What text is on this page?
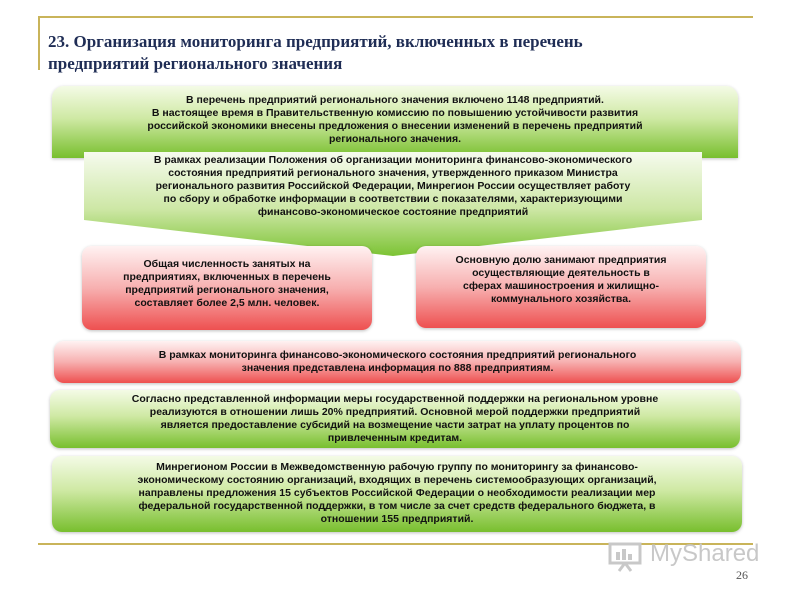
23. Организация мониторинга предприятий, включенных в перечень
предприятий регионального значения

В перечень предприятий регионального значения включено 1148 предприятий.

В настоящее время в Правительственную комиссию по повышению устойчивости развития

российской экономики внесены предложения о внесении изменений в перечень предприятий

регионального значения.

В рамках реализации Положения об организации мониторинга финансово-экономического

состояния предприятий регионального значения, утвержденного приказом Министра

регионального развития Российской Федерации, Минрегион России осуществляет работу

по сбору и обработке информации в соответствии с показателями, характеризующими

финансово-экономическое состояние предприятий

Общая численность занятых на

предприятиях, включенных в перечень

предприятий регионального значения,

составляет более 2,5 млн. человек.

Основную долю занимают предприятия

осуществляющие деятельность в

сферах машиностроения и жилищно-

коммунального хозяйства.

В рамках мониторинга финансово-экономического состояния предприятий регионального

значения представлена информация по 888 предприятиям.

Согласно представленной информации меры государственной поддержки на региональном уровне

реализуются в отношении лишь 20% предприятий. Основной мерой поддержки предприятий

является предоставление субсидий на возмещение части затрат на уплату процентов по

привлеченным кредитам.

Минрегионом России в Межведомственную рабочую группу по мониторингу за финансово-

экономическому состоянию организаций, входящих в перечень системообразующих организаций,

направлены предложения 15 субъектов Российской Федерации о необходимости реализации мер

федеральной государственной поддержки, в том числе за счет средств федерального бюджета, в

отношении 155 предприятий.

MyShared
26
